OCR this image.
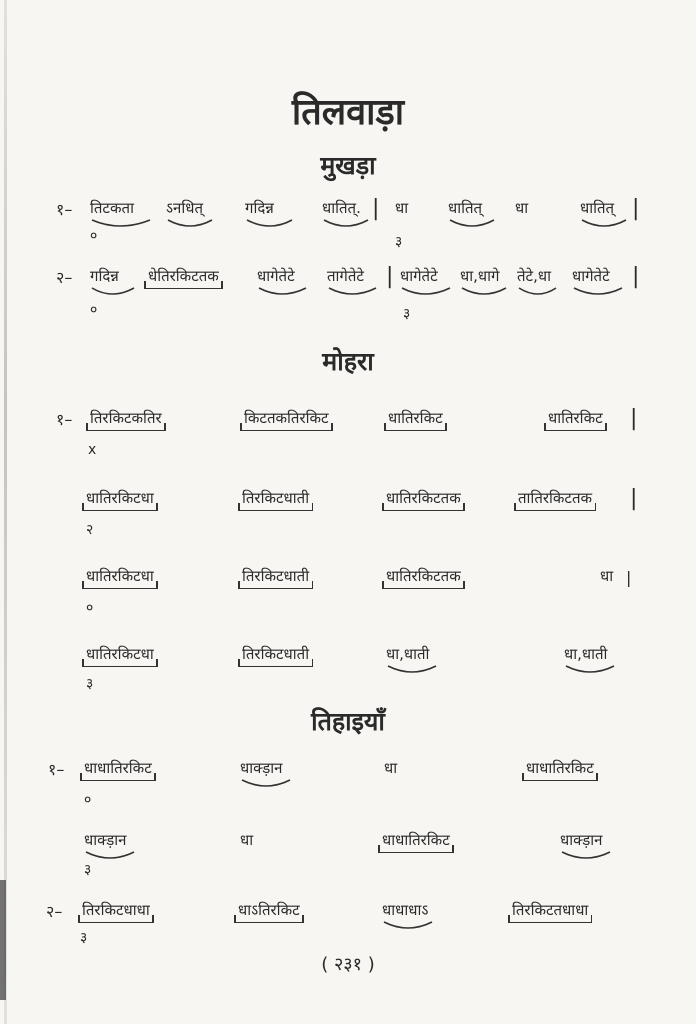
तिलवाड़ा
मुखड़ा
१– तिटकता ऽनधित्	गदिन्न	धातित्. | धा	धातित् धा	धातित् |
०	३
२– गदिन्न धेतिरकिटतक	धागेतेटे तागेतेटे | धागेतेटे धा,धागे तेटे,धा धागेतेटे |
०	३
मोहरा
१– तिरकिटकतिर	किटतकतिरकिट	धातिरकिट	धातिरकिट |
x
धातिरकिटधा	तिरकिटधाती	धातिरकिटतक	तातिरकिटतक |
२
धातिरकिटधा	तिरकिटधाती	धातिरकिटतक	धा |
०
धातिरकिटधा	तिरकिटधाती	धा,धाती	धा,धाती
३
तिहाइयाँ
१– धाधातिरकिट	धाक्ड़ान	धा	धाधातिरकिट
०
धाक्ड़ान	धा	धाधातिरकिट	धाक्ड़ान
३
२– तिरकिटधाधा	धाऽतिरकिट	धाधाधाऽ	तिरकिटतधाधा
३
( २३१ )
